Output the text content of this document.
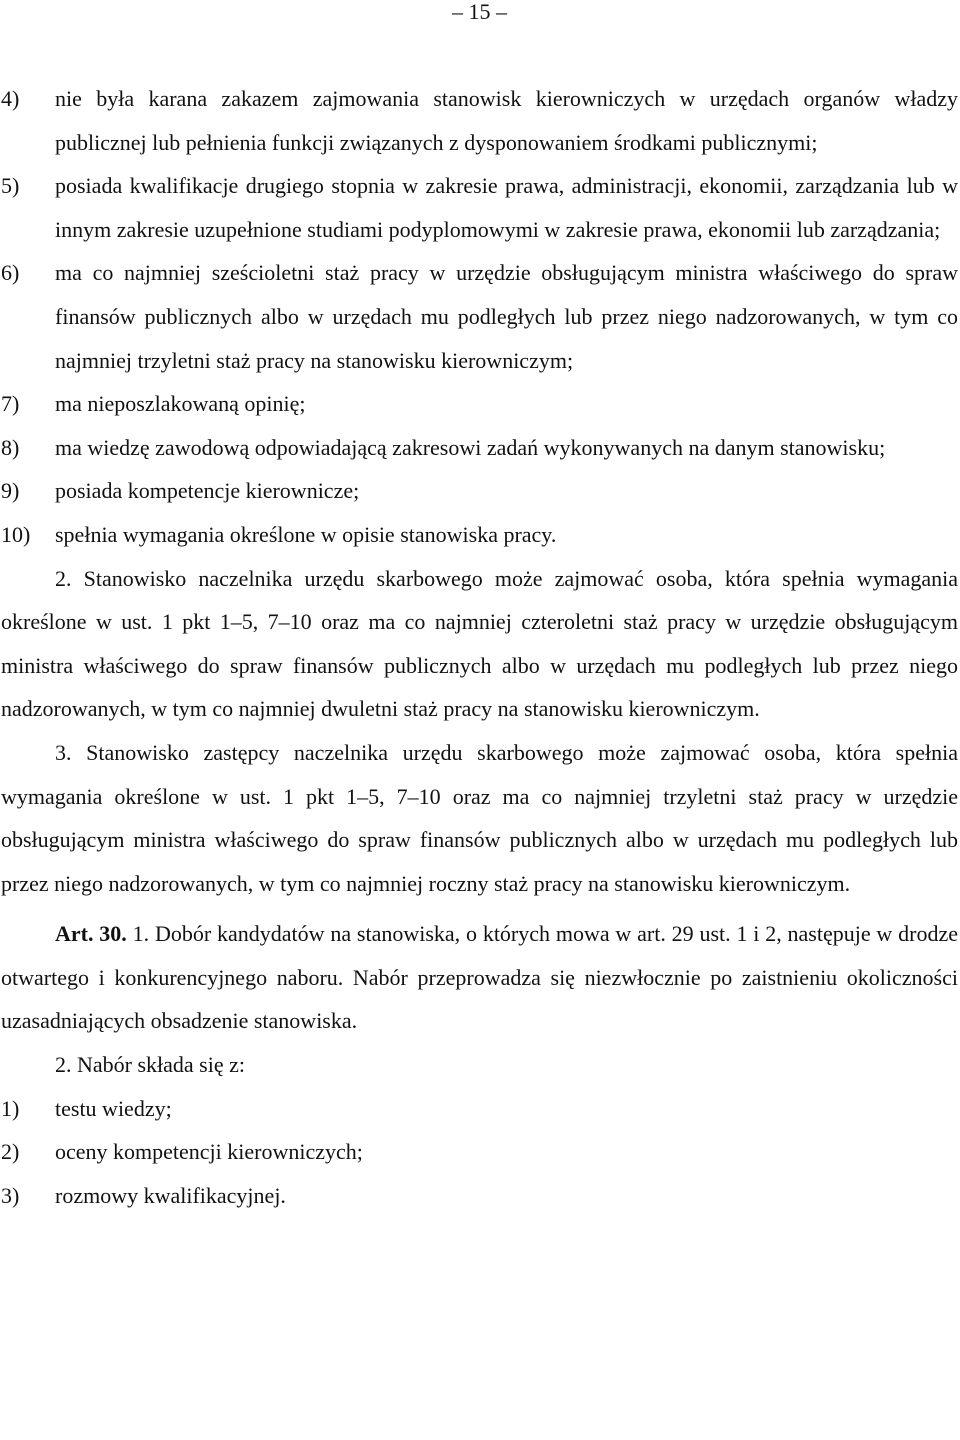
– 15 –
4)	nie była karana zakazem zajmowania stanowisk kierowniczych w urzędach organów władzy publicznej lub pełnienia funkcji związanych z dysponowaniem środkami publicznymi;
5)	posiada kwalifikacje drugiego stopnia w zakresie prawa, administracji, ekonomii, zarządzania lub w innym zakresie uzupełnione studiami podyplomowymi w zakresie prawa, ekonomii lub zarządzania;
6)	ma co najmniej sześcioletni staż pracy w urzędzie obsługującym ministra właściwego do spraw finansów publicznych albo w urzędach mu podległych lub przez niego nadzorowanych, w tym co najmniej trzyletni staż pracy na stanowisku kierowniczym;
7)	ma nieposzlakowaną opinię;
8)	ma wiedzę zawodową odpowiadającą zakresowi zadań wykonywanych na danym stanowisku;
9)	posiada kompetencje kierownicze;
10)	spełnia wymagania określone w opisie stanowiska pracy.
2. Stanowisko naczelnika urzędu skarbowego może zajmować osoba, która spełnia wymagania określone w ust. 1 pkt 1–5, 7–10 oraz ma co najmniej czteroletni staż pracy w urzędzie obsługującym ministra właściwego do spraw finansów publicznych albo w urzędach mu podległych lub przez niego nadzorowanych, w tym co najmniej dwuletni staż pracy na stanowisku kierowniczym.
3. Stanowisko zastępcy naczelnika urzędu skarbowego może zajmować osoba, która spełnia wymagania określone w ust. 1 pkt 1–5, 7–10 oraz ma co najmniej trzyletni staż pracy w urzędzie obsługującym ministra właściwego do spraw finansów publicznych albo w urzędach mu podległych lub przez niego nadzorowanych, w tym co najmniej roczny staż pracy na stanowisku kierowniczym.
Art. 30. 1. Dobór kandydatów na stanowiska, o których mowa w art. 29 ust. 1 i 2, następuje w drodze otwartego i konkurencyjnego naboru. Nabór przeprowadza się niezwłocznie po zaistnieniu okoliczności uzasadniających obsadzenie stanowiska.
2. Nabór składa się z:
1)	testu wiedzy;
2)	oceny kompetencji kierowniczych;
3)	rozmowy kwalifikacyjnej.
